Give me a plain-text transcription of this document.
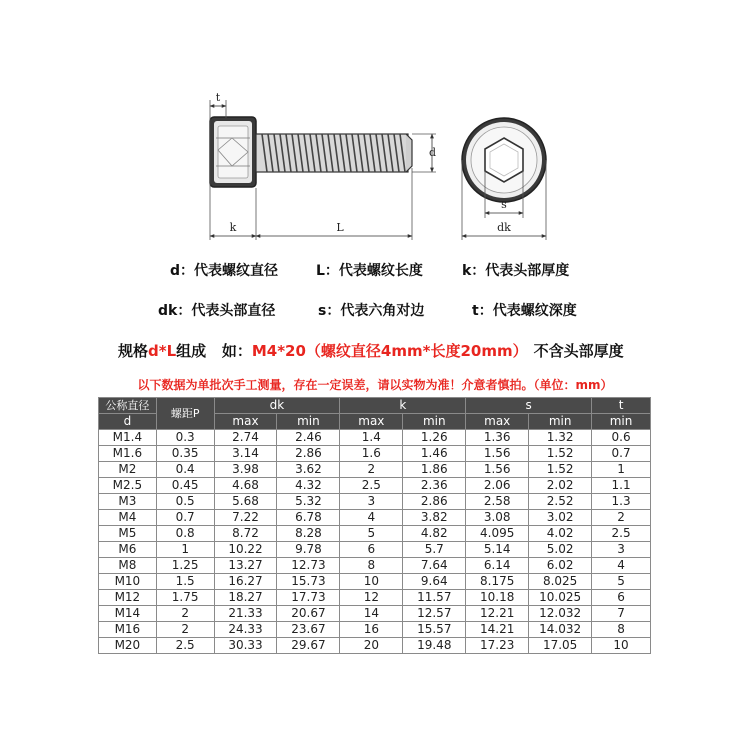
t
d
k	L
s
dk
d：代表螺纹直径	L：代表螺纹长度	k：代表头部厚度
dk：代表头部直径	s：代表六角对边	t：代表螺纹深度
规格d*L组成   如：M4*20（螺纹直径4mm*长度20mm） 不含头部厚度
以下数据为单批次手工测量，存在一定误差，请以实物为准！介意者慎拍。（单位：mm）
公称直径	螺距P	dk		k		s		t
d		max	min	max	min	max	min	min
M1.4	0.3	2.74	2.46	1.4	1.26	1.36	1.32	0.6
M1.6	0.35	3.14	2.86	1.6	1.46	1.56	1.52	0.7
M2	0.4	3.98	3.62	2	1.86	1.56	1.52	1
M2.5	0.45	4.68	4.32	2.5	2.36	2.06	2.02	1.1
M3	0.5	5.68	5.32	3	2.86	2.58	2.52	1.3
M4	0.7	7.22	6.78	4	3.82	3.08	3.02	2
M5	0.8	8.72	8.28	5	4.82	4.095	4.02	2.5
M6	1	10.22	9.78	6	5.7	5.14	5.02	3
M8	1.25	13.27	12.73	8	7.64	6.14	6.02	4
M10	1.5	16.27	15.73	10	9.64	8.175	8.025	5
M12	1.75	18.27	17.73	12	11.57	10.18	10.025	6
M14	2	21.33	20.67	14	12.57	12.21	12.032	7
M16	2	24.33	23.67	16	15.57	14.21	14.032	8
M20	2.5	30.33	29.67	20	19.48	17.23	17.05	10
